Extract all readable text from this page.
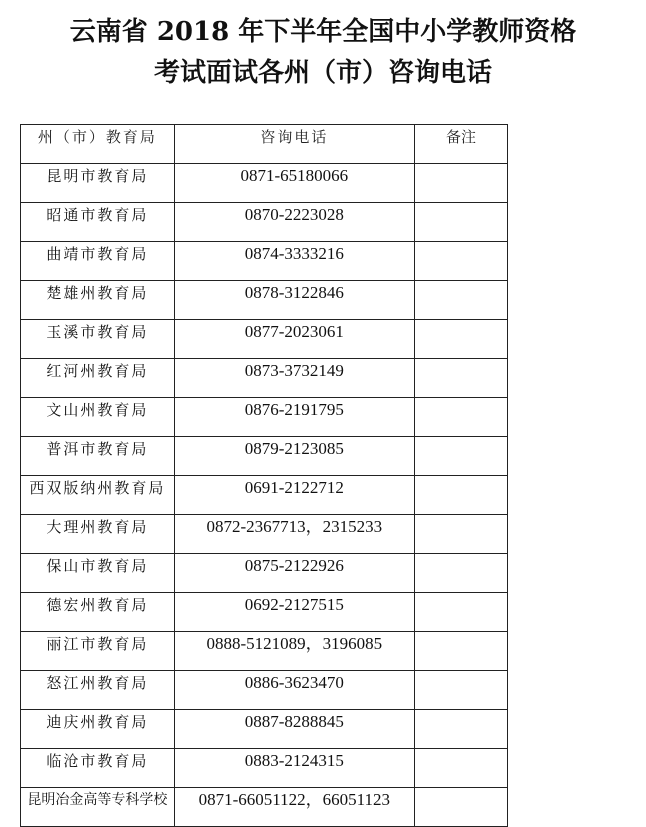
云南省 2018 年下半年全国中小学教师资格
考试面试各州（市）咨询电话
州（市）教育局	咨询电话	备注
昆明市教育局	0871-65180066	
昭通市教育局	0870-2223028	
曲靖市教育局	0874-3333216	
楚雄州教育局	0878-3122846	
玉溪市教育局	0877-2023061	
红河州教育局	0873-3732149	
文山州教育局	0876-2191795	
普洱市教育局	0879-2123085	
西双版纳州教育局	0691-2122712	
大理州教育局	0872-2367713，2315233	
保山市教育局	0875-2122926	
德宏州教育局	0692-2127515	
丽江市教育局	0888-5121089，3196085	
怒江州教育局	0886-3623470	
迪庆州教育局	0887-8288845	
临沧市教育局	0883-2124315	
昆明冶金高等专科学校	0871-66051122，66051123	
